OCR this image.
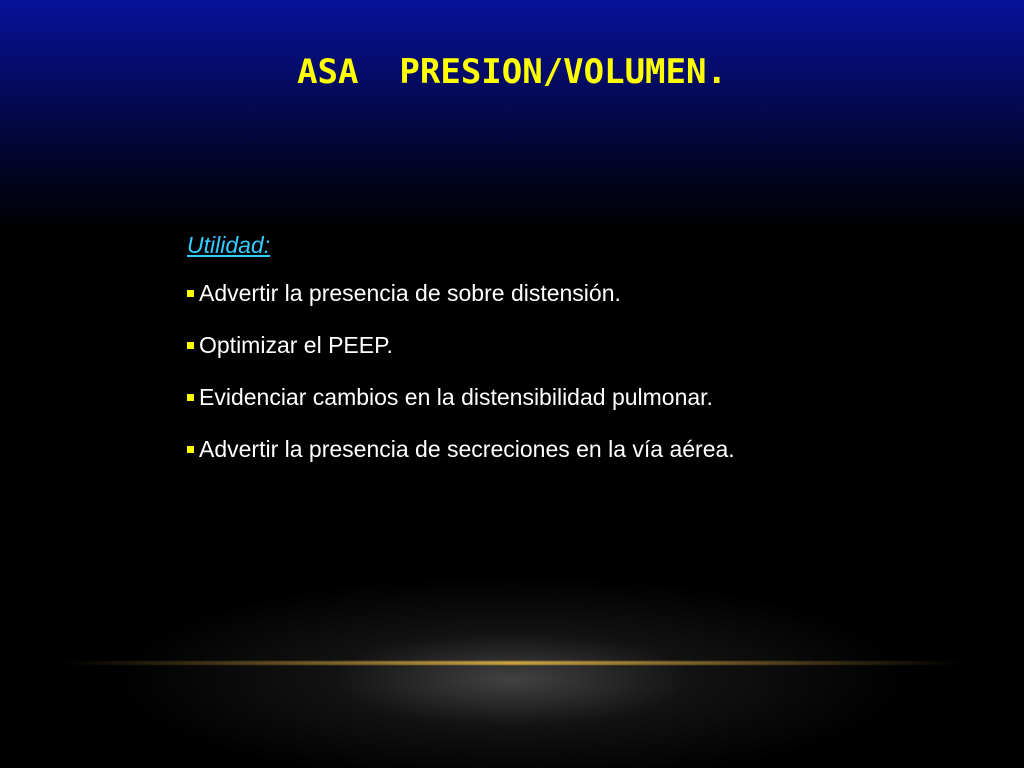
ASA  PRESION/VOLUMEN.

Utilidad:

Advertir la presencia de sobre distensión.
Optimizar el PEEP.
Evidenciar cambios en la distensibilidad pulmonar.
Advertir la presencia de secreciones en la vía aérea.
